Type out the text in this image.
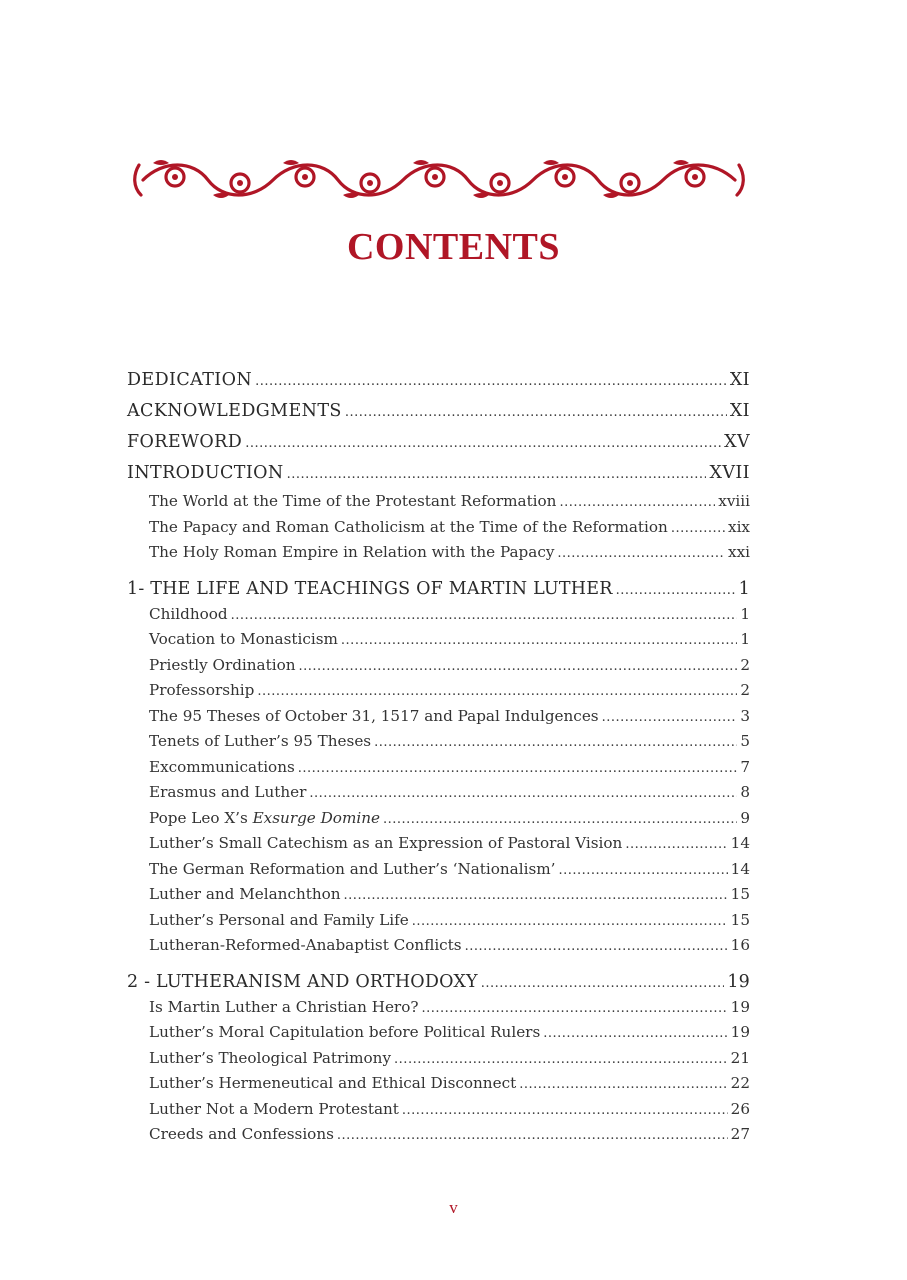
CONTENTS
DEDICATION .....	XI
ACKNOWLEDGMENTS .....	XI
FOREWORD .....	XV
INTRODUCTION .....	XVII
The World at the Time of the Protestant Reformation .....	xviii
The Papacy and Roman Catholicism at the Time of the Reformation .....	xix
The Holy Roman Empire in Relation with the Papacy .....	xxi
1- THE LIFE AND TEACHINGS OF MARTIN LUTHER .....	1
Childhood .....	1
Vocation to Monasticism .....	1
Priestly Ordination .....	2
Professorship .....	2
The 95 Theses of October 31, 1517 and Papal Indulgences .....	3
Tenets of Luther’s 95 Theses .....	5
Excommunications .....	7
Erasmus and Luther .....	8
Pope Leo X’s Exsurge Domine .....	9
Luther’s Small Catechism as an Expression of Pastoral Vision .....	14
The German Reformation and Luther’s ‘Nationalism’ .....	14
Luther and Melanchthon .....	15
Luther’s Personal and Family Life .....	15
Lutheran-Reformed-Anabaptist Conflicts .....	16
2 - LUTHERANISM AND ORTHODOXY .....	19
Is Martin Luther a Christian Hero? .....	19
Luther’s Moral Capitulation before Political Rulers .....	19
Luther’s Theological Patrimony .....	21
Luther’s Hermeneutical and Ethical Disconnect .....	22
Luther Not a Modern Protestant .....	26
Creeds and Confessions .....	27
v
